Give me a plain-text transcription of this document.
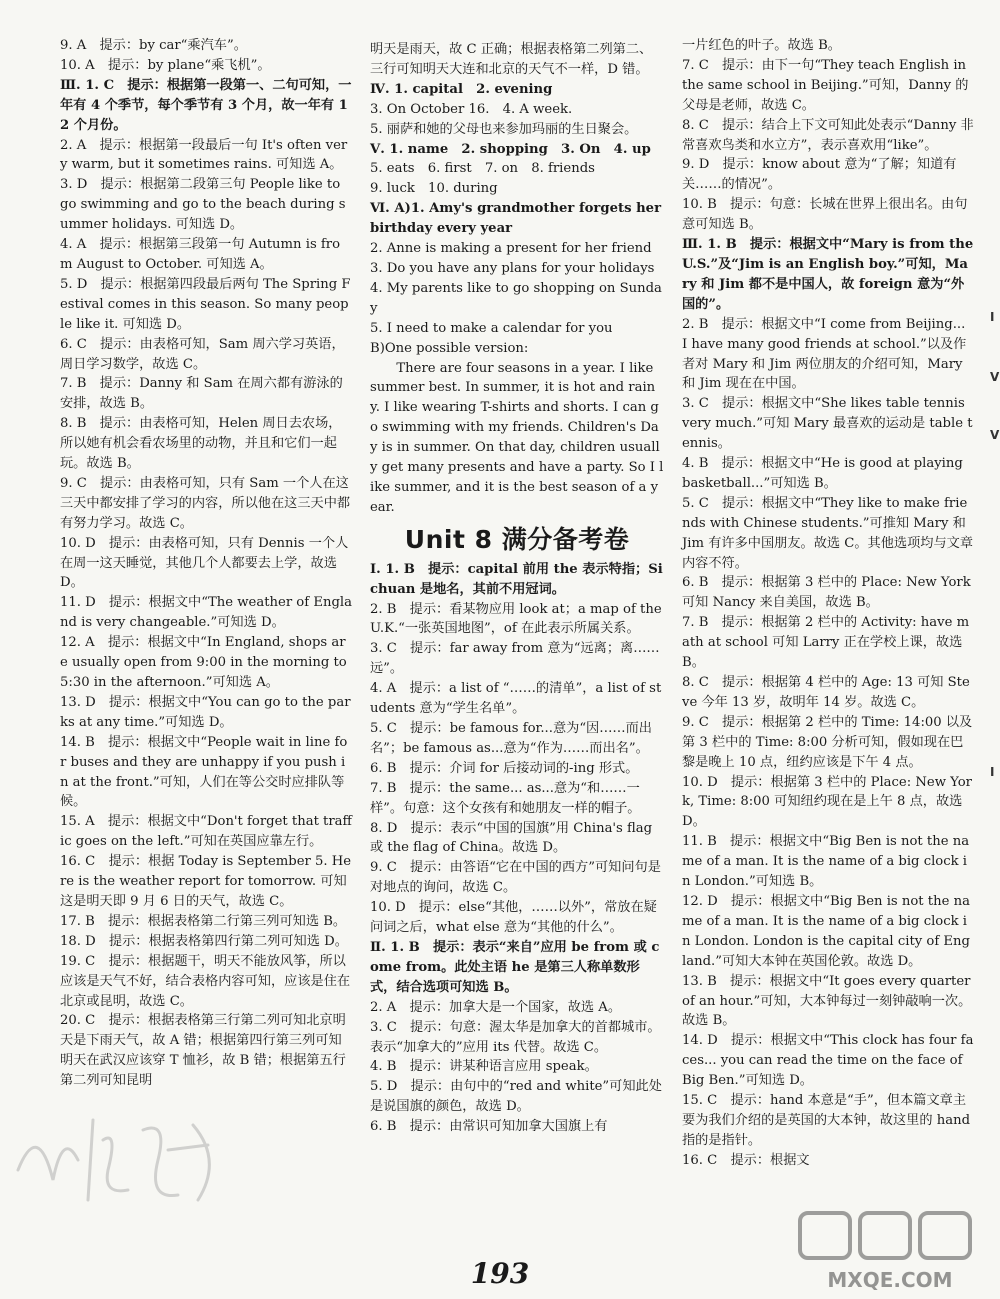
9. A　提示：by car“乘汽车”。

10. A　提示：by plane“乘飞机”。

Ⅲ. 1. C　提示：根据第一段第一、二句可知，一年有 4 个季节，每个季节有 3 个月，故一年有 12 个月份。

2. A　提示：根据第一段最后一句 It's often very warm, but it sometimes rains. 可知选 A。

3. D　提示：根据第二段第三句 People like to go swimming and go to the beach during summer holidays. 可知选 D。

4. A　提示：根据第三段第一句 Autumn is from August to October. 可知选 A。

5. D　提示：根据第四段最后两句 The Spring Festival comes in this season. So many people like it. 可知选 D。

6. C　提示：由表格可知，Sam 周六学习英语，周日学习数学，故选 C。

7. B　提示：Danny 和 Sam 在周六都有游泳的安排，故选 B。

8. B　提示：由表格可知，Helen 周日去农场，所以她有机会看农场里的动物，并且和它们一起玩。故选 B。

9. C　提示：由表格可知，只有 Sam 一个人在这三天中都安排了学习的内容，所以他在这三天中都有努力学习。故选 C。

10. D　提示：由表格可知，只有 Dennis 一个人在周一这天睡觉，其他几个人都要去上学，故选 D。

11. D　提示：根据文中“The weather of England is very changeable.”可知选 D。

12. A　提示：根据文中“In England, shops are usually open from 9:00 in the morning to 5:30 in the afternoon.”可知选 A。

13. D　提示：根据文中“You can go to the parks at any time.”可知选 D。

14. B　提示：根据文中“People wait in line for buses and they are unhappy if you push in at the front.”可知，人们在等公交时应排队等候。

15. A　提示：根据文中“Don't forget that traffic goes on the left.”可知在英国应靠左行。

16. C　提示：根据 Today is September 5. Here is the weather report for tomorrow. 可知这是明天即 9 月 6 日的天气，故选 C。

17. B　提示：根据表格第二行第三列可知选 B。

18. D　提示：根据表格第四行第二列可知选 D。

19. C　提示：根据题干，明天不能放风筝，所以应该是天气不好，结合表格内容可知，应该是住在北京或昆明，故选 C。

20. C　提示：根据表格第三行第二列可知北京明天是下雨天气，故 A 错；根据第四行第三列可知明天在武汉应该穿 T 恤衫，故 B 错；根据第五行第二列可知昆明

明天是雨天，故 C 正确；根据表格第二列第二、三行可知明天大连和北京的天气不一样，D 错。

Ⅳ. 1. capital　2. evening

3. On October 16.　4. A week.

5. 丽萨和她的父母也来参加玛丽的生日聚会。

Ⅴ. 1. name　2. shopping　3. On　4. up

5. eats　6. first　7. on　8. friends

9. luck　10. during

Ⅵ. A)1. Amy's grandmother forgets her birthday every year

2. Anne is making a present for her friend

3. Do you have any plans for your holidays

4. My parents like to go shopping on Sunday

5. I need to make a calendar for you

B)One possible version:

There are four seasons in a year. I like summer best. In summer, it is hot and rainy. I like wearing T-shirts and shorts. I can go swimming with my friends. Children's Day is in summer. On that day, children usually get many presents and have a party. So I like summer, and it is the best season of a year.

Unit 8 满分备考卷

Ⅰ. 1. B　提示：capital 前用 the 表示特指；Sichuan 是地名，其前不用冠词。

2. B　提示：看某物应用 look at；a map of the U.K.“一张英国地图”，of 在此表示所属关系。

3. C　提示：far away from 意为“远离；离……远”。

4. A　提示：a list of “……的清单”，a list of students 意为“学生名单”。

5. C　提示：be famous for...意为“因……而出名”；be famous as...意为“作为……而出名”。

6. B　提示：介词 for 后接动词的-ing 形式。

7. B　提示：the same... as...意为“和……一样”。句意：这个女孩有和她朋友一样的帽子。

8. D　提示：表示“中国的国旗”用 China's flag 或 the flag of China。故选 D。

9. C　提示：由答语“它在中国的西方”可知问句是对地点的询问，故选 C。

10. D　提示：else“其他，……以外”，常放在疑问词之后，what else 意为“其他的什么”。

Ⅱ. 1. B　提示：表示“来自”应用 be from 或 come from。此处主语 he 是第三人称单数形式，结合选项可知选 B。

2. A　提示：加拿大是一个国家，故选 A。

3. C　提示：句意：渥太华是加拿大的首都城市。表示“加拿大的”应用 its 代替。故选 C。

4. B　提示：讲某种语言应用 speak。

5. D　提示：由句中的“red and white”可知此处是说国旗的颜色，故选 D。

6. B　提示：由常识可知加拿大国旗上有

一片红色的叶子。故选 B。

7. C　提示：由下一句“They teach English in the same school in Beijing.”可知，Danny 的父母是老师，故选 C。

8. C　提示：结合上下文可知此处表示“Danny 非常喜欢鸟类和水立方”，表示喜欢用“like”。

9. D　提示：know about 意为“了解；知道有关……的情况”。

10. B　提示：句意：长城在世界上很出名。由句意可知选 B。

Ⅲ. 1. B　提示：根据文中“Mary is from the U.S.”及“Jim is an English boy.”可知，Mary 和 Jim 都不是中国人，故 foreign 意为“外国的”。

2. B　提示：根据文中“I come from Beijing... I have many good friends at school.”以及作者对 Mary 和 Jim 两位朋友的介绍可知，Mary 和 Jim 现在在中国。

3. C　提示：根据文中“She likes table tennis very much.”可知 Mary 最喜欢的运动是 table tennis。

4. B　提示：根据文中“He is good at playing basketball...”可知选 B。

5. C　提示：根据文中“They like to make friends with Chinese students.”可推知 Mary 和 Jim 有许多中国朋友。故选 C。其他选项均与文章内容不符。

6. B　提示：根据第 3 栏中的 Place: New York 可知 Nancy 来自美国，故选 B。

7. B　提示：根据第 2 栏中的 Activity: have math at school 可知 Larry 正在学校上课，故选 B。

8. C　提示：根据第 4 栏中的 Age: 13 可知 Steve 今年 13 岁，故明年 14 岁。故选 C。

9. C　提示：根据第 2 栏中的 Time: 14:00 以及第 3 栏中的 Time: 8:00 分析可知，假如现在巴黎是晚上 10 点，纽约应该是下午 4 点。

10. D　提示：根据第 3 栏中的 Place: New York, Time: 8:00 可知纽约现在是上午 8 点，故选 D。

11. B　提示：根据文中“Big Ben is not the name of a man. It is the name of a big clock in London.”可知选 B。

12. D　提示：根据文中“Big Ben is not the name of a man. It is the name of a big clock in London. London is the capital city of England.”可知大本钟在英国伦敦。故选 D。

13. B　提示：根据文中“It goes every quarter of an hour.”可知，大本钟每过一刻钟敲响一次。故选 B。

14. D　提示：根据文中“This clock has four faces... you can read the time on the face of Big Ben.”可知选 D。

15. C　提示：hand 本意是“手”，但本篇文章主要为我们介绍的是英国的大本钟，故这里的 hand 指的是指针。

16. C　提示：根据文

Ⅰ
V
V
Ⅰ
193	MXQE.COM
